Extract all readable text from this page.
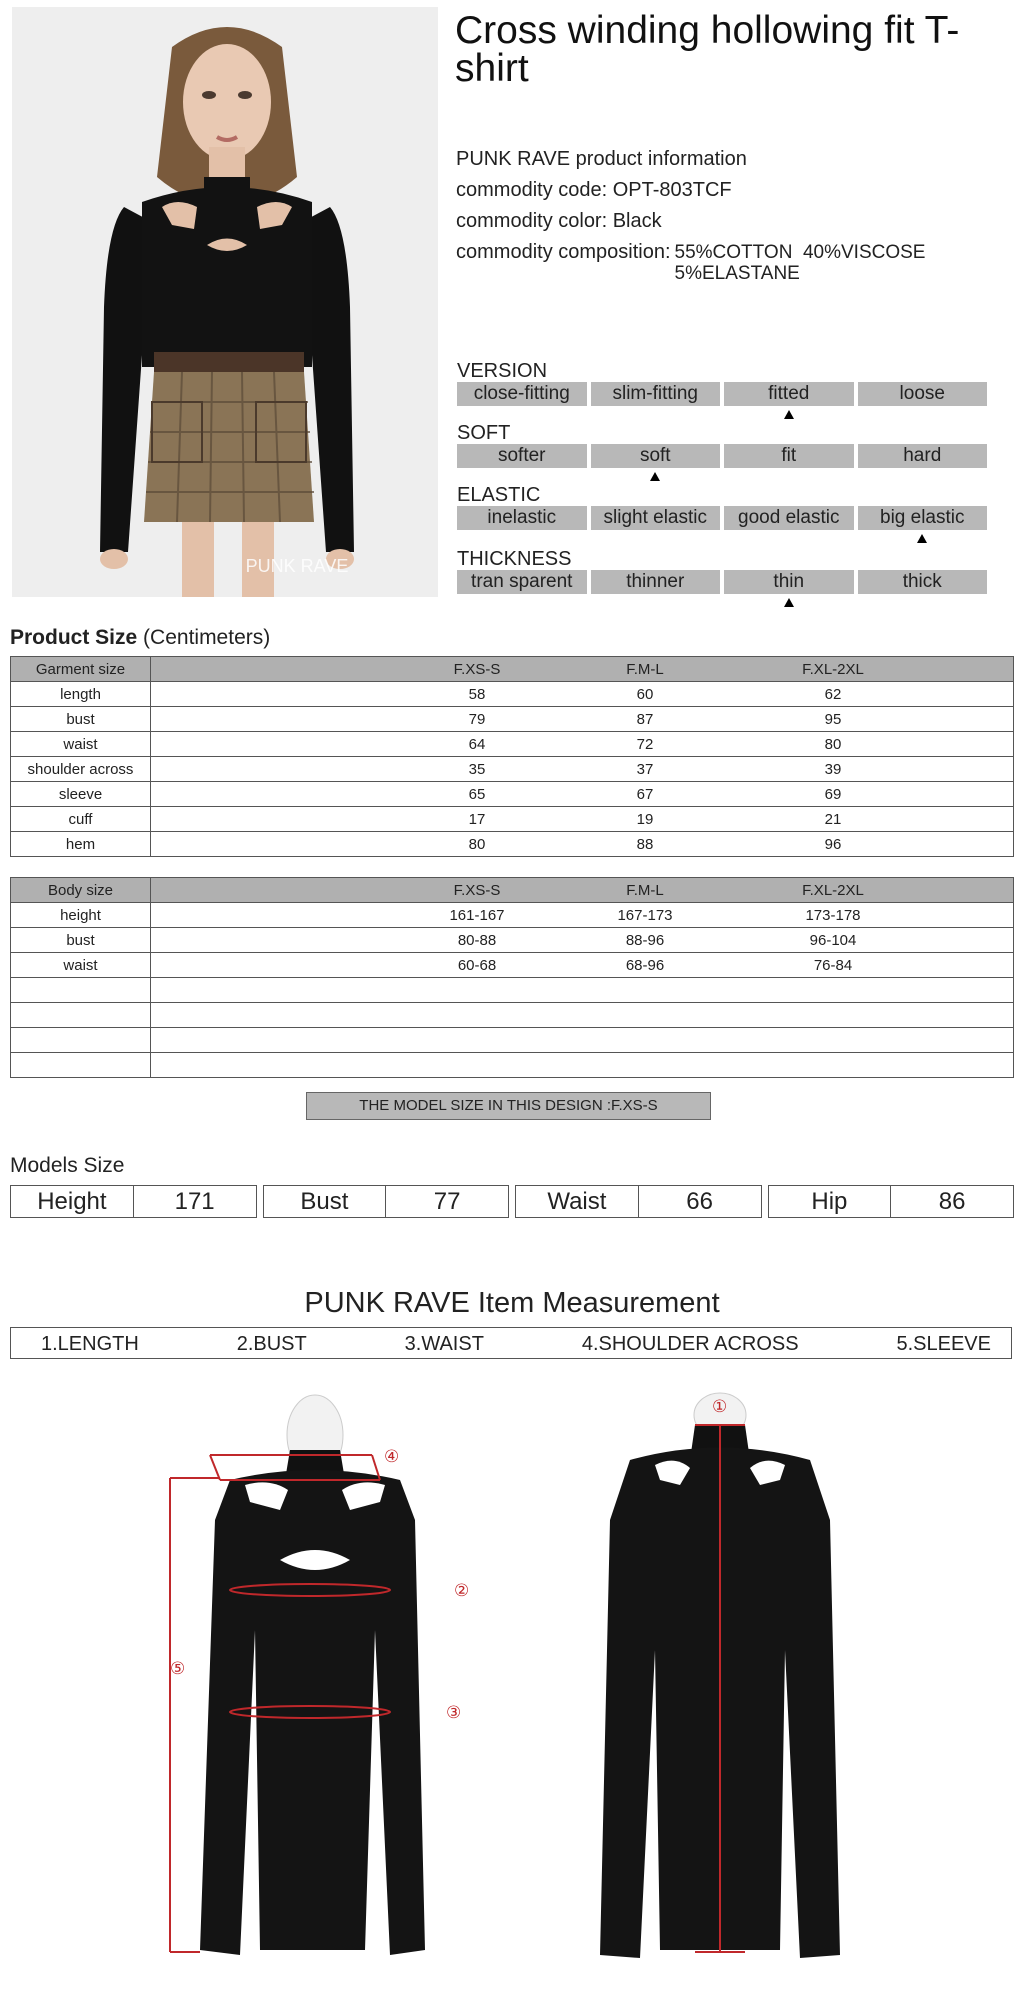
PUNK RAVE
Cross winding hollowing fit T-shirt
PUNK RAVE product information
commodity code: OPT-803TCF
commodity color: Black
commodity composition: 55%COTTON  40%VISCOSE
5%ELASTANE
VERSION
close-fitting	slim-fitting	fitted	loose
SOFT
softer	soft	fit	hard
ELASTIC
inelastic	slight elastic	good elastic	big elastic
THICKNESS
tran sparent	thinner	thin	thick
Product Size (Centimeters)
Garment size	F.XS-S F.M-L F.XL-2XL

length	58 60 62

bust	79 87 95

waist	64 72 80

shoulder across	35 37 39

sleeve	65 67 69

cuff	17 19 21

hem	80 88 96
Body size	F.XS-S F.M-L F.XL-2XL

height	161-167 167-173 173-178

bust	80-88 88-96 96-104

waist	60-68 68-96 76-84

THE MODEL SIZE IN THIS DESIGN :F.XS-S
Models Size
Height	171	Bust	77	Waist	66	Hip	86
PUNK RAVE Item Measurement
1.LENGTH	2.BUST	3.WAIST	4.SHOULDER ACROSS	5.SLEEVE
②
③
④
⑤
①
